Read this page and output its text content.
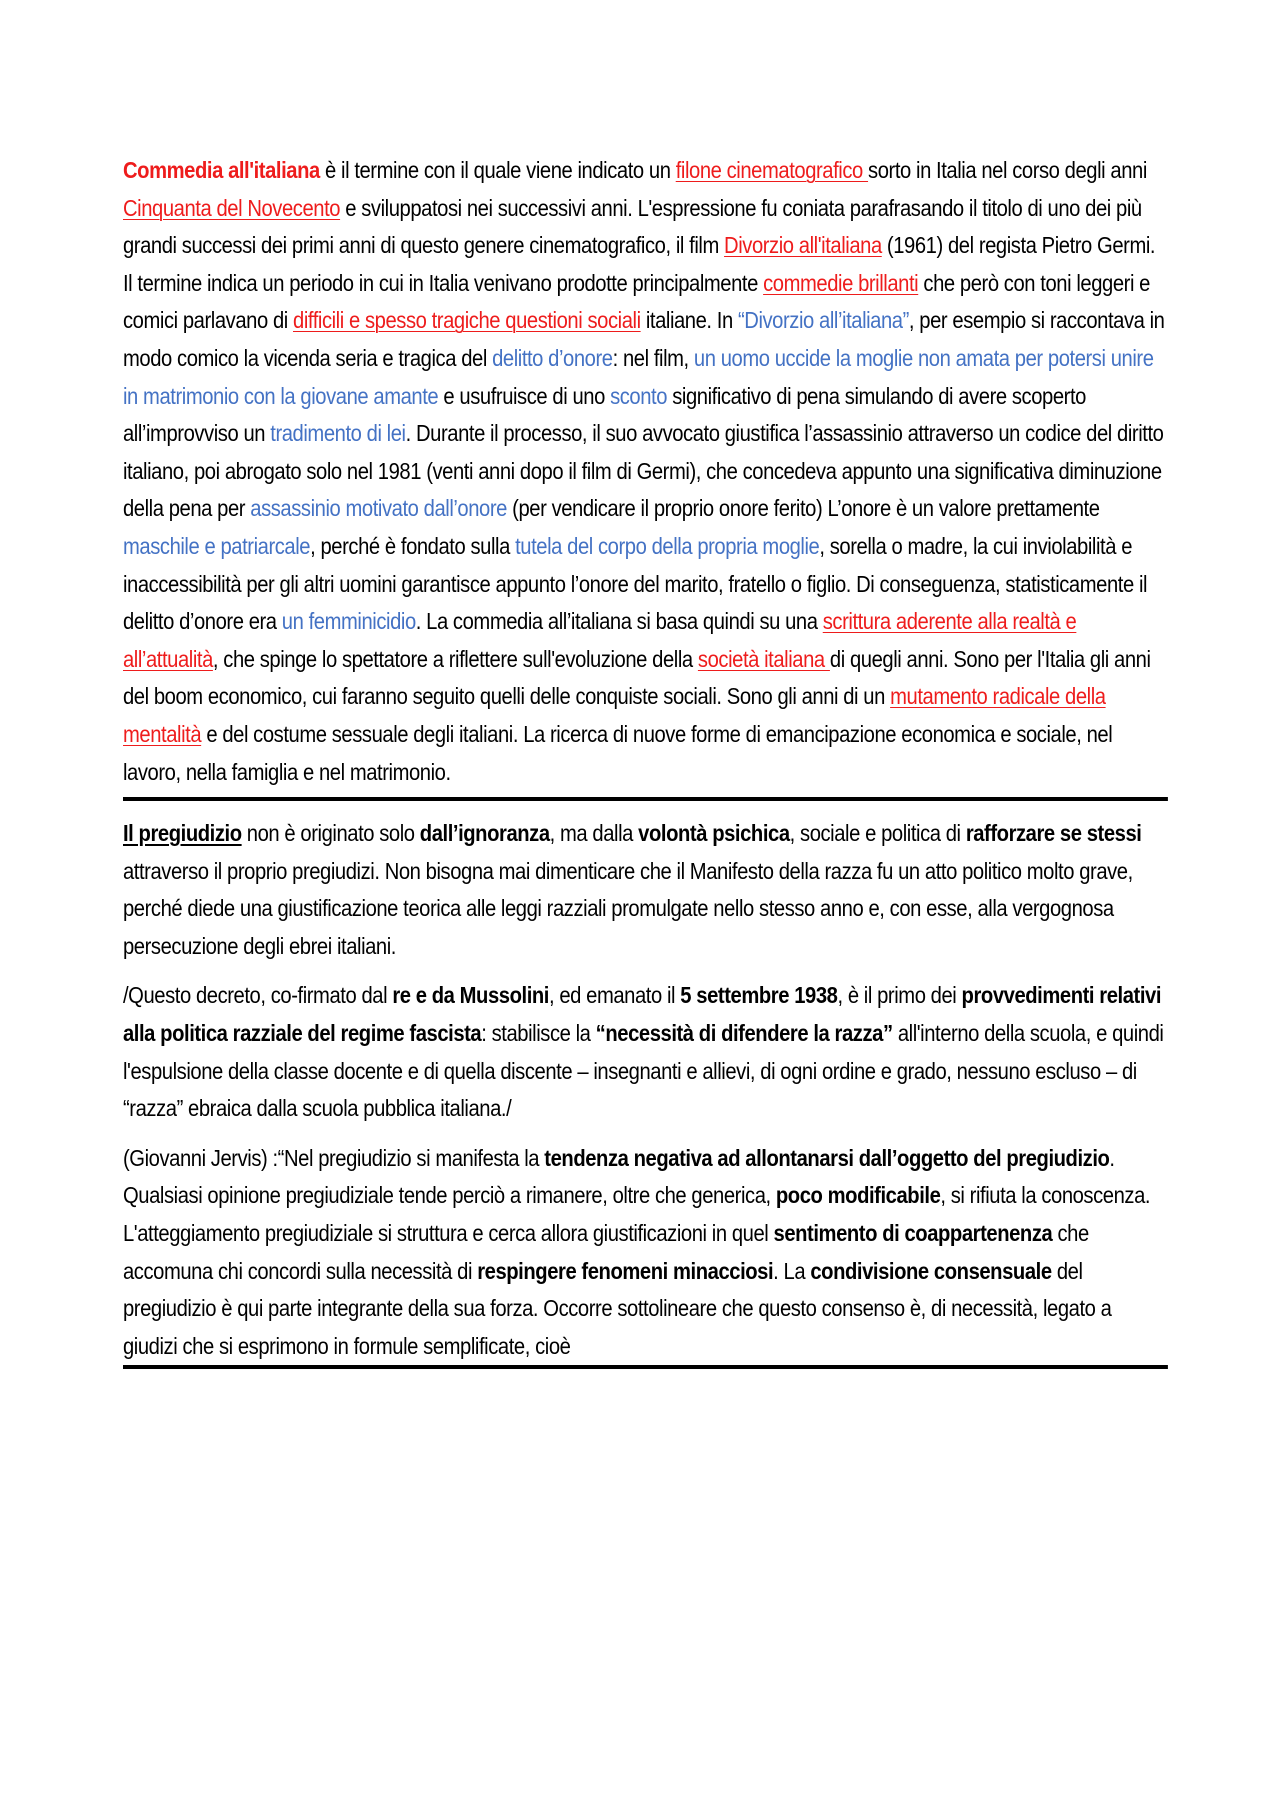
Commedia all'italiana è il termine con il quale viene indicato un filone cinematografico sorto in Italia nel corso degli anni Cinquanta del Novecento e sviluppatosi nei successivi anni. L'espressione fu coniata parafrasando il titolo di uno dei più grandi successi dei primi anni di questo genere cinematografico, il film Divorzio all'italiana (1961) del regista Pietro Germi. Il termine indica un periodo in cui in Italia venivano prodotte principalmente commedie brillanti che però con toni leggeri e comici parlavano di difficili e spesso tragiche questioni sociali italiane. In “Divorzio all’italiana”, per esempio si raccontava in modo comico la vicenda seria e tragica del delitto d’onore: nel film, un uomo uccide la moglie non amata per potersi unire in matrimonio con la giovane amante e usufruisce di uno sconto significativo di pena simulando di avere scoperto all’improvviso un tradimento di lei. Durante il processo, il suo avvocato giustifica l’assassinio attraverso un codice del diritto italiano, poi abrogato solo nel 1981 (venti anni dopo il film di Germi), che concedeva appunto una significativa diminuzione della pena per assassinio motivato dall’onore (per vendicare il proprio onore ferito) L’onore è un valore prettamente maschile e patriarcale, perché è fondato sulla tutela del corpo della propria moglie, sorella o madre, la cui inviolabilità e inaccessibilità per gli altri uomini garantisce appunto l’onore del marito, fratello o figlio. Di conseguenza, statisticamente il delitto d’onore era un femminicidio. La commedia all’italiana si basa quindi su una scrittura aderente alla realtà e all’attualità, che spinge lo spettatore a riflettere sull'evoluzione della società italiana di quegli anni. Sono per l'Italia gli anni del boom economico, cui faranno seguito quelli delle conquiste sociali. Sono gli anni di un mutamento radicale della mentalità e del costume sessuale degli italiani. La ricerca di nuove forme di emancipazione economica e sociale, nel lavoro, nella famiglia e nel matrimonio.

Il pregiudizio non è originato solo dall’ignoranza, ma dalla volontà psichica, sociale e politica di rafforzare se stessi attraverso il proprio pregiudizi. Non bisogna mai dimenticare che il Manifesto della razza fu un atto politico molto grave, perché diede una giustificazione teorica alle leggi razziali promulgate nello stesso anno e, con esse, alla vergognosa persecuzione degli ebrei italiani.

/Questo decreto, co-firmato dal re e da Mussolini, ed emanato il 5 settembre 1938, è il primo dei provvedimenti relativi alla politica razziale del regime fascista: stabilisce la “necessità di difendere la razza” all'interno della scuola, e quindi l'espulsione della classe docente e di quella discente – insegnanti e allievi, di ogni ordine e grado, nessuno escluso – di “razza” ebraica dalla scuola pubblica italiana./

(Giovanni Jervis) :“Nel pregiudizio si manifesta la tendenza negativa ad allontanarsi dall’oggetto del pregiudizio. Qualsiasi opinione pregiudiziale tende perciò a rimanere, oltre che generica, poco modificabile, si rifiuta la conoscenza. L'atteggiamento pregiudiziale si struttura e cerca allora giustificazioni in quel sentimento di coappartenenza che accomuna chi concordi sulla necessità di respingere fenomeni minacciosi. La condivisione consensuale del pregiudizio è qui parte integrante della sua forza. Occorre sottolineare che questo consenso è, di necessità, legato a giudizi che si esprimono in formule semplificate, cioè
